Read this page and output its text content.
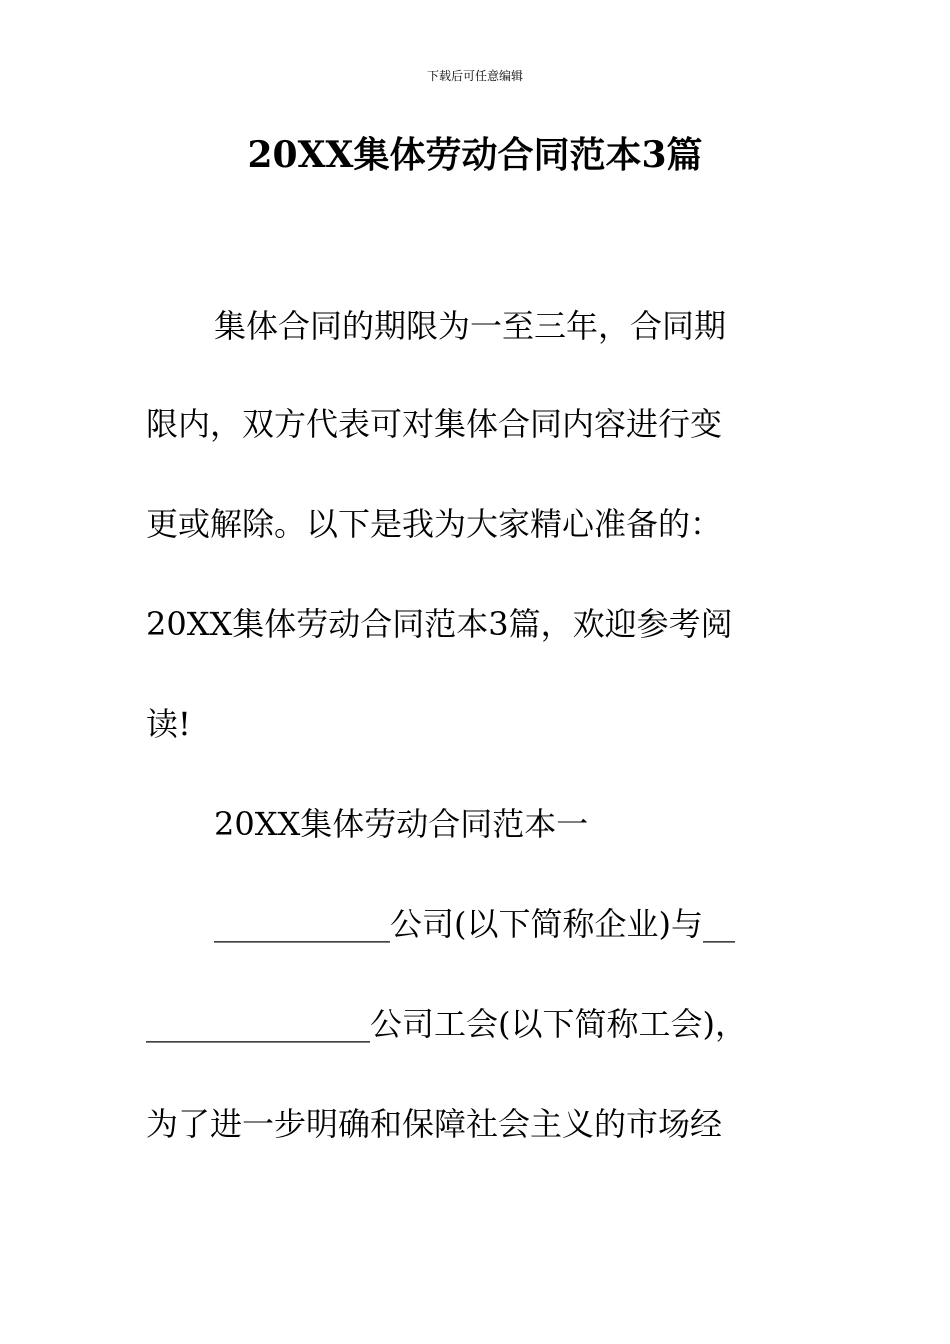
下载后可任意编辑
20XX集体劳动合同范本3篇
集体合同的期限为一至三年，合同期
限内，双方代表可对集体合同内容进行变
更或解除。以下是我为大家精心准备的：
20XX集体劳动合同范本3篇，欢迎参考阅
读!
20XX集体劳动合同范本一
___________公司(以下简称企业)与__
______________公司工会(以下简称工会)，
为了进一步明确和保障社会主义的市场经
